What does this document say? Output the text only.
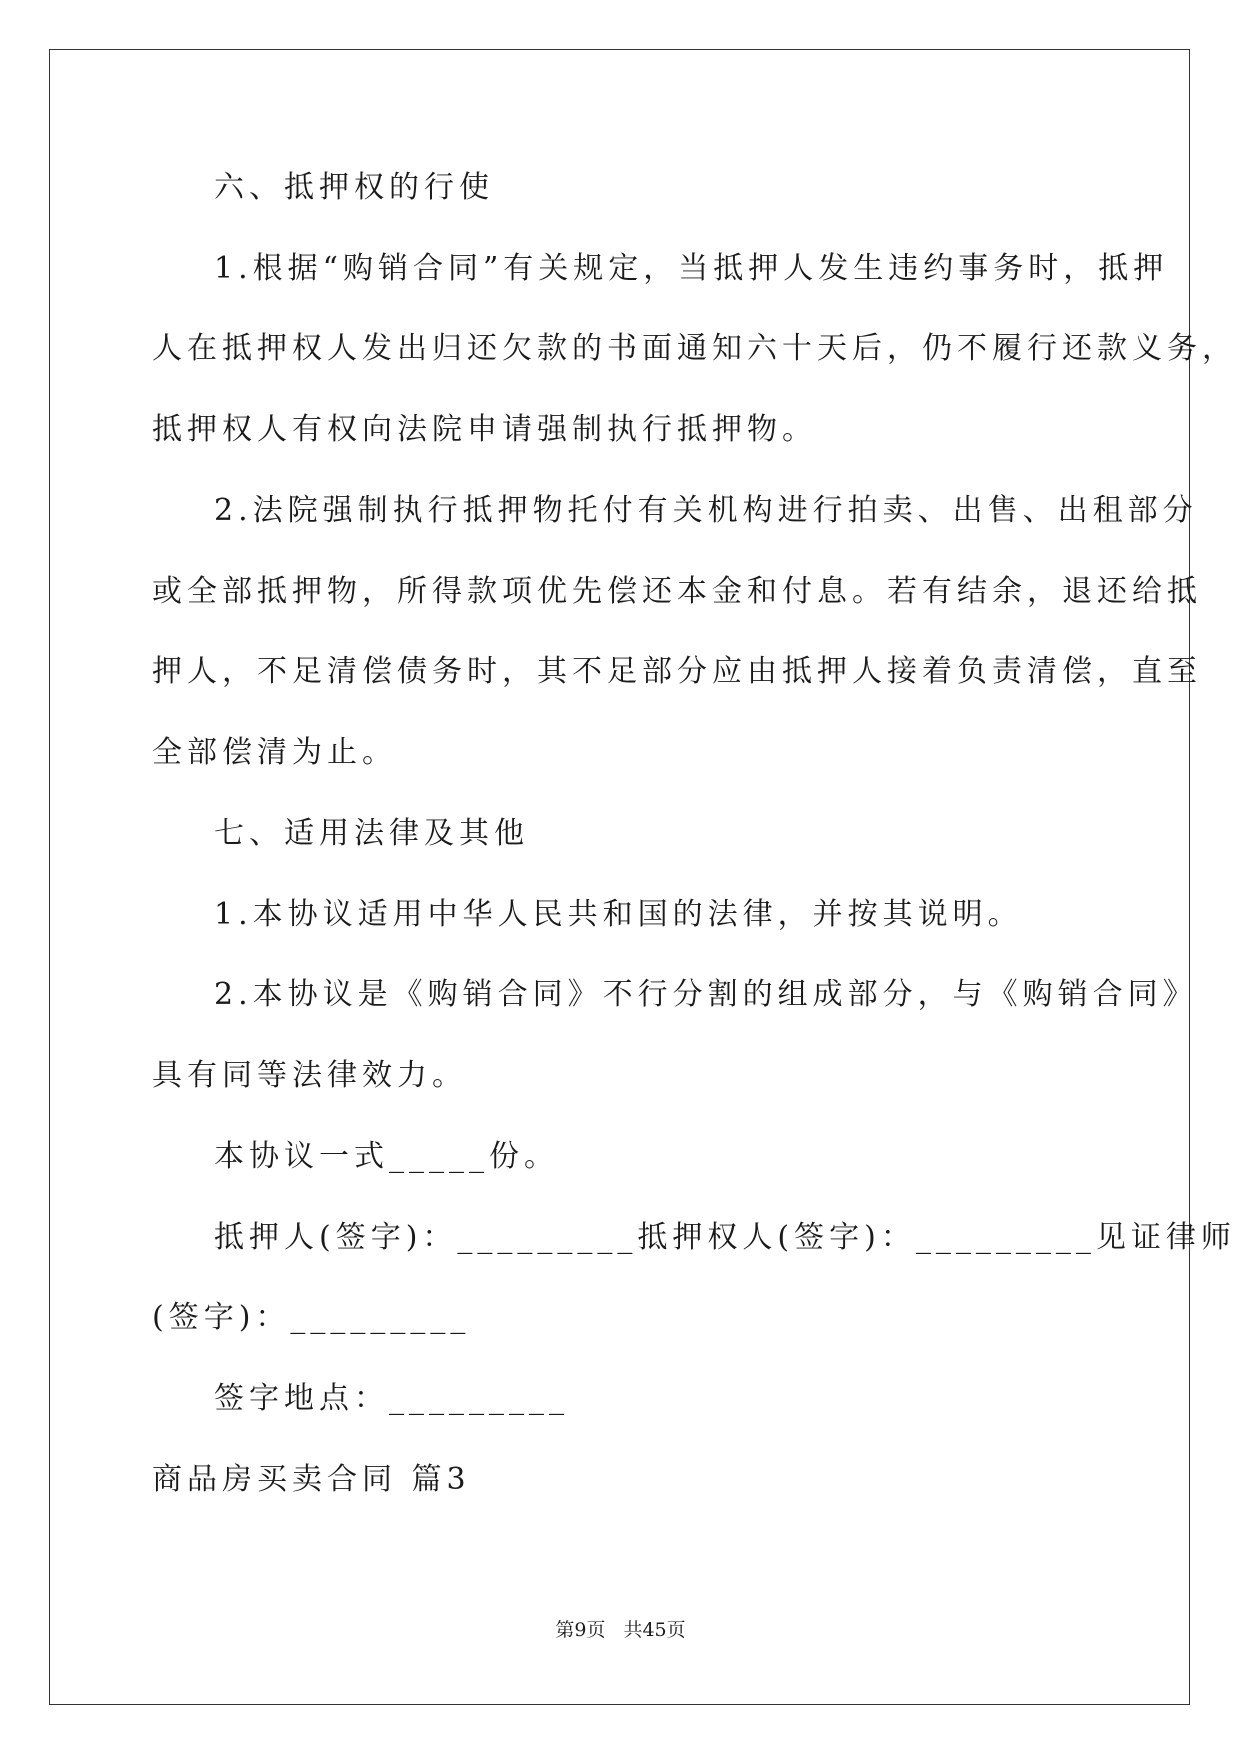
六、抵押权的行使
1.根据“购销合同”有关规定，当抵押人发生违约事务时，抵押
人在抵押权人发出归还欠款的书面通知六十天后，仍不履行还款义务，
抵押权人有权向法院申请强制执行抵押物。
2.法院强制执行抵押物托付有关机构进行拍卖、出售、出租部分
或全部抵押物，所得款项优先偿还本金和付息。若有结余，退还给抵
押人，不足清偿债务时，其不足部分应由抵押人接着负责清偿，直至
全部偿清为止。
七、适用法律及其他
1.本协议适用中华人民共和国的法律，并按其说明。
2.本协议是《购销合同》不行分割的组成部分，与《购销合同》
具有同等法律效力。
本协议一式_____份。
抵押人(签字)：_________抵押权人(签字)：_________见证律师
(签字)：_________
签字地点：_________
商品房买卖合同 篇3
第9页 共45页
